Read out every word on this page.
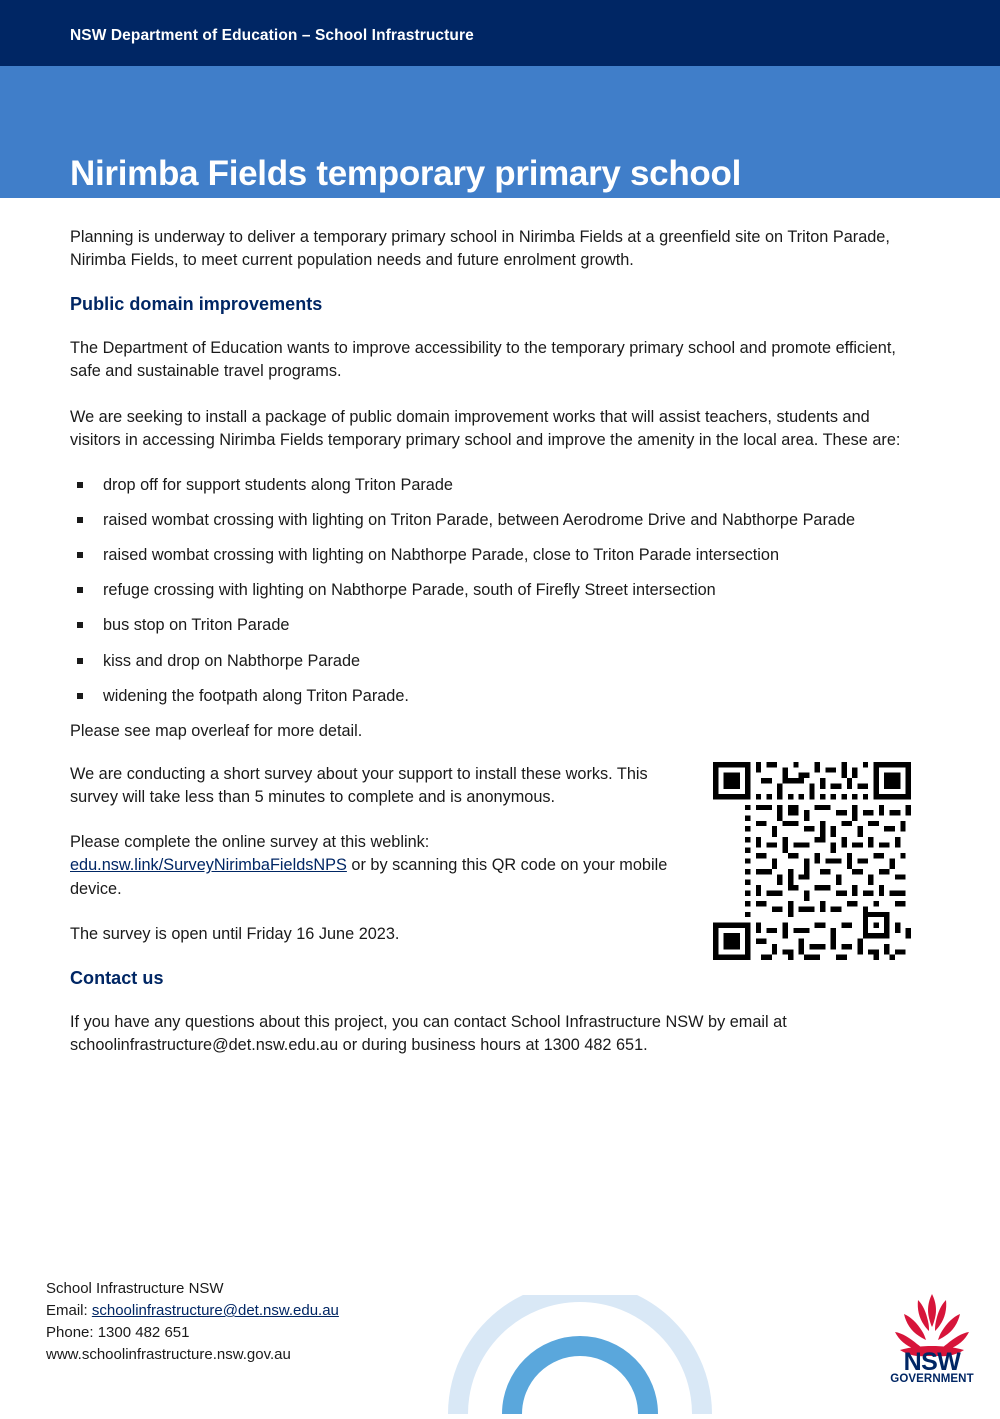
NSW Department of Education – School Infrastructure
Nirimba Fields temporary primary school
Community update | 2 June 2023

Planning is underway to deliver a temporary primary school in Nirimba Fields at a greenfield site on Triton Parade, Nirimba Fields, to meet current population needs and future enrolment growth.

Public domain improvements

The Department of Education wants to improve accessibility to the temporary primary school and promote efficient, safe and sustainable travel programs.

We are seeking to install a package of public domain improvement works that will assist teachers, students and visitors in accessing Nirimba Fields temporary primary school and improve the amenity in the local area. These are:

drop off for support students along Triton Parade
raised wombat crossing with lighting on Triton Parade, between Aerodrome Drive and Nabthorpe Parade
raised wombat crossing with lighting on Nabthorpe Parade, close to Triton Parade intersection
refuge crossing with lighting on Nabthorpe Parade, south of Firefly Street intersection
bus stop on Triton Parade
kiss and drop on Nabthorpe Parade
widening the footpath along Triton Parade.

Please see map overleaf for more detail.

We are conducting a short survey about your support to install these works. This survey will take less than 5 minutes to complete and is anonymous.

Please complete the online survey at this weblink:
edu.nsw.link/SurveyNirimbaFieldsNPS or by scanning this QR code on your mobile device.

The survey is open until Friday 16 June 2023.

Contact us

If you have any questions about this project, you can contact School Infrastructure NSW by email at schoolinfrastructure@det.nsw.edu.au or during business hours at 1300 482 651.

School Infrastructure NSW
Email: schoolinfrastructure@det.nsw.edu.au
Phone: 1300 482 651
www.schoolinfrastructure.nsw.gov.au	NSW
GOVERNMENT
